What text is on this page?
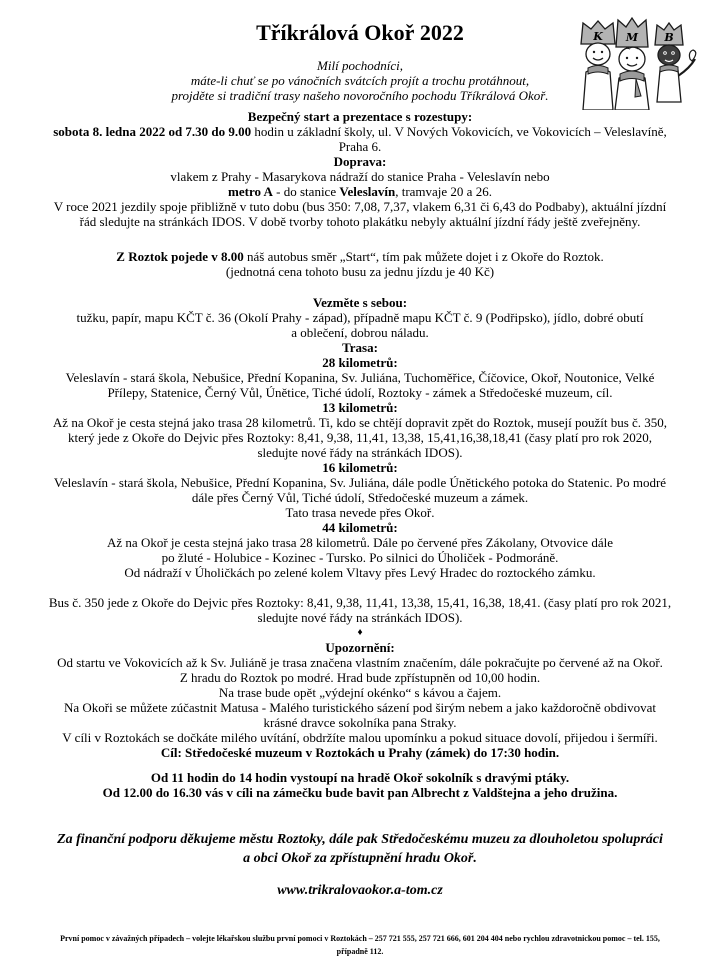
K	B
M
Tříkrálová Okoř 2022
Milí pochodníci,
máte-li chuť se po vánočních svátcích projít a trochu protáhnout,
projděte si tradiční trasy našeho novoročního pochodu Tříkrálová Okoř.
Bezpečný start a prezentace s rozestupy:
sobota 8. ledna 2022 od 7.30 do 9.00 hodin u základní školy, ul. V Nových Vokovicích, ve Vokovicích – Veleslavíně,
Praha 6.
Doprava:
vlakem z Prahy - Masarykova nádraží do stanice Praha - Veleslavín nebo
metro A - do stanice Veleslavín, tramvaje 20 a 26.
V roce 2021 jezdily spoje přibližně v tuto dobu (bus 350: 7,08, 7,37, vlakem 6,31 či 6,43 do Podbaby), aktuální jízdní
řád sledujte na stránkách IDOS. V době tvorby tohoto plakátku nebyly aktuální jízdní řády ještě zveřejněny.
Z Roztok pojede v 8.00 náš autobus směr „Start“, tím pak můžete dojet i z Okoře do Roztok.
(jednotná cena tohoto busu za jednu jízdu je 40 Kč)
Vezměte s sebou:
tužku, papír, mapu KČT č. 36 (Okolí Prahy - západ), případně mapu KČT č. 9 (Podřipsko), jídlo, dobré obutí
a oblečení, dobrou náladu.
Trasa:
28 kilometrů:
Veleslavín - stará škola, Nebušice, Přední Kopanina, Sv. Juliána, Tuchoměřice, Číčovice, Okoř, Noutonice, Velké
Přílepy, Statenice, Černý Vůl, Únětice, Tiché údolí, Roztoky - zámek a Středočeské muzeum, cíl.
13 kilometrů:
Až na Okoř je cesta stejná jako trasa 28 kilometrů. Ti, kdo se chtějí dopravit zpět do Roztok, musejí použít bus č. 350,
který jede z Okoře do Dejvic přes Roztoky: 8,41, 9,38, 11,41, 13,38, 15,41,16,38,18,41 (časy platí pro rok 2020,
sledujte nové řády na stránkách IDOS).
16 kilometrů:
Veleslavín - stará škola, Nebušice, Přední Kopanina, Sv. Juliána, dále podle Únětického potoka do Statenic. Po modré
dále přes Černý Vůl, Tiché údolí, Středočeské muzeum a zámek.
Tato trasa nevede přes Okoř.
44 kilometrů:
Až na Okoř je cesta stejná jako trasa 28 kilometrů. Dále po červené přes Zákolany, Otvovice dále
po žluté - Holubice - Kozinec - Tursko. Po silnici do Úholiček - Podmoráně.
Od nádraží v Úholičkách po zelené kolem Vltavy přes Levý Hradec do roztockého zámku.
Bus č. 350 jede z Okoře do Dejvic přes Roztoky: 8,41, 9,38, 11,41, 13,38, 15,41, 16,38, 18,41. (časy platí pro rok 2021,
sledujte nové řády na stránkách IDOS).
♦
Upozornění:
Od startu ve Vokovicích až k Sv. Juliáně je trasa značena vlastním značením, dále pokračujte po červené až na Okoř.
Z hradu do Roztok po modré. Hrad bude zpřístupněn od 10,00 hodin.
Na trase bude opět „výdejní okénko“ s kávou a čajem.
Na Okoři se můžete zúčastnit Matusa - Malého turistického sázení pod širým nebem a jako každoročně obdivovat
krásné dravce sokolníka pana Straky.
V cíli v Roztokách se dočkáte milého uvítání, obdržíte malou upomínku a pokud situace dovolí, přijedou i šermíři.
Cíl: Středočeské muzeum v Roztokách u Prahy (zámek) do 17:30 hodin.
Od 11 hodin do 14 hodin vystoupí na hradě Okoř sokolník s dravými ptáky.
Od 12.00 do 16.30 vás v cíli na zámečku bude bavit pan Albrecht z Valdštejna a jeho družina.
Za finanční podporu děkujeme městu Roztoky, dále pak Středočeskému muzeu za dlouholetou spolupráci
a obci Okoř za zpřístupnění hradu Okoř.
www.trikralovaokor.a-tom.cz
První pomoc v závažných případech – volejte lékařskou službu první pomoci v Roztokách – 257 721 555, 257 721 666, 601 204 404 nebo rychlou zdravotnickou pomoc – tel. 155,
případně 112.
